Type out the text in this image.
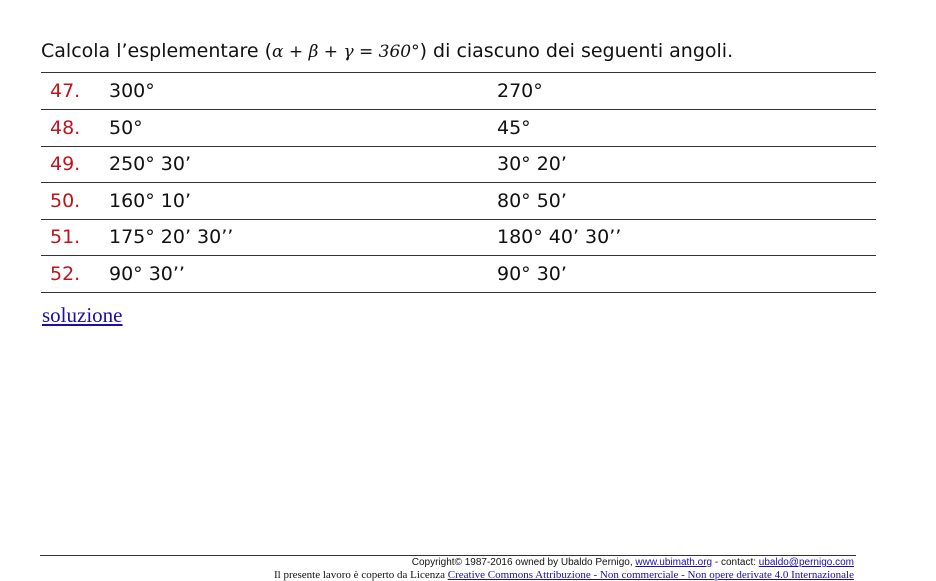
Calcola l’esplementare (α + β + γ = 360°) di ciascuno dei seguenti angoli.
47. 300°	270°
48. 50°	45°
49. 250° 30’	30° 20’
50. 160° 10’	80° 50’
51. 175° 20’ 30’’	180° 40’ 30’’
52. 90° 30’’	90° 30’
soluzione
Copyright© 1987-2016 owned by Ubaldo Pernigo, www.ubimath.org - contact: ubaldo@pernigo.com
Il presente lavoro è coperto da Licenza Creative Commons Attribuzione - Non commerciale - Non opere derivate 4.0 Internazionale
